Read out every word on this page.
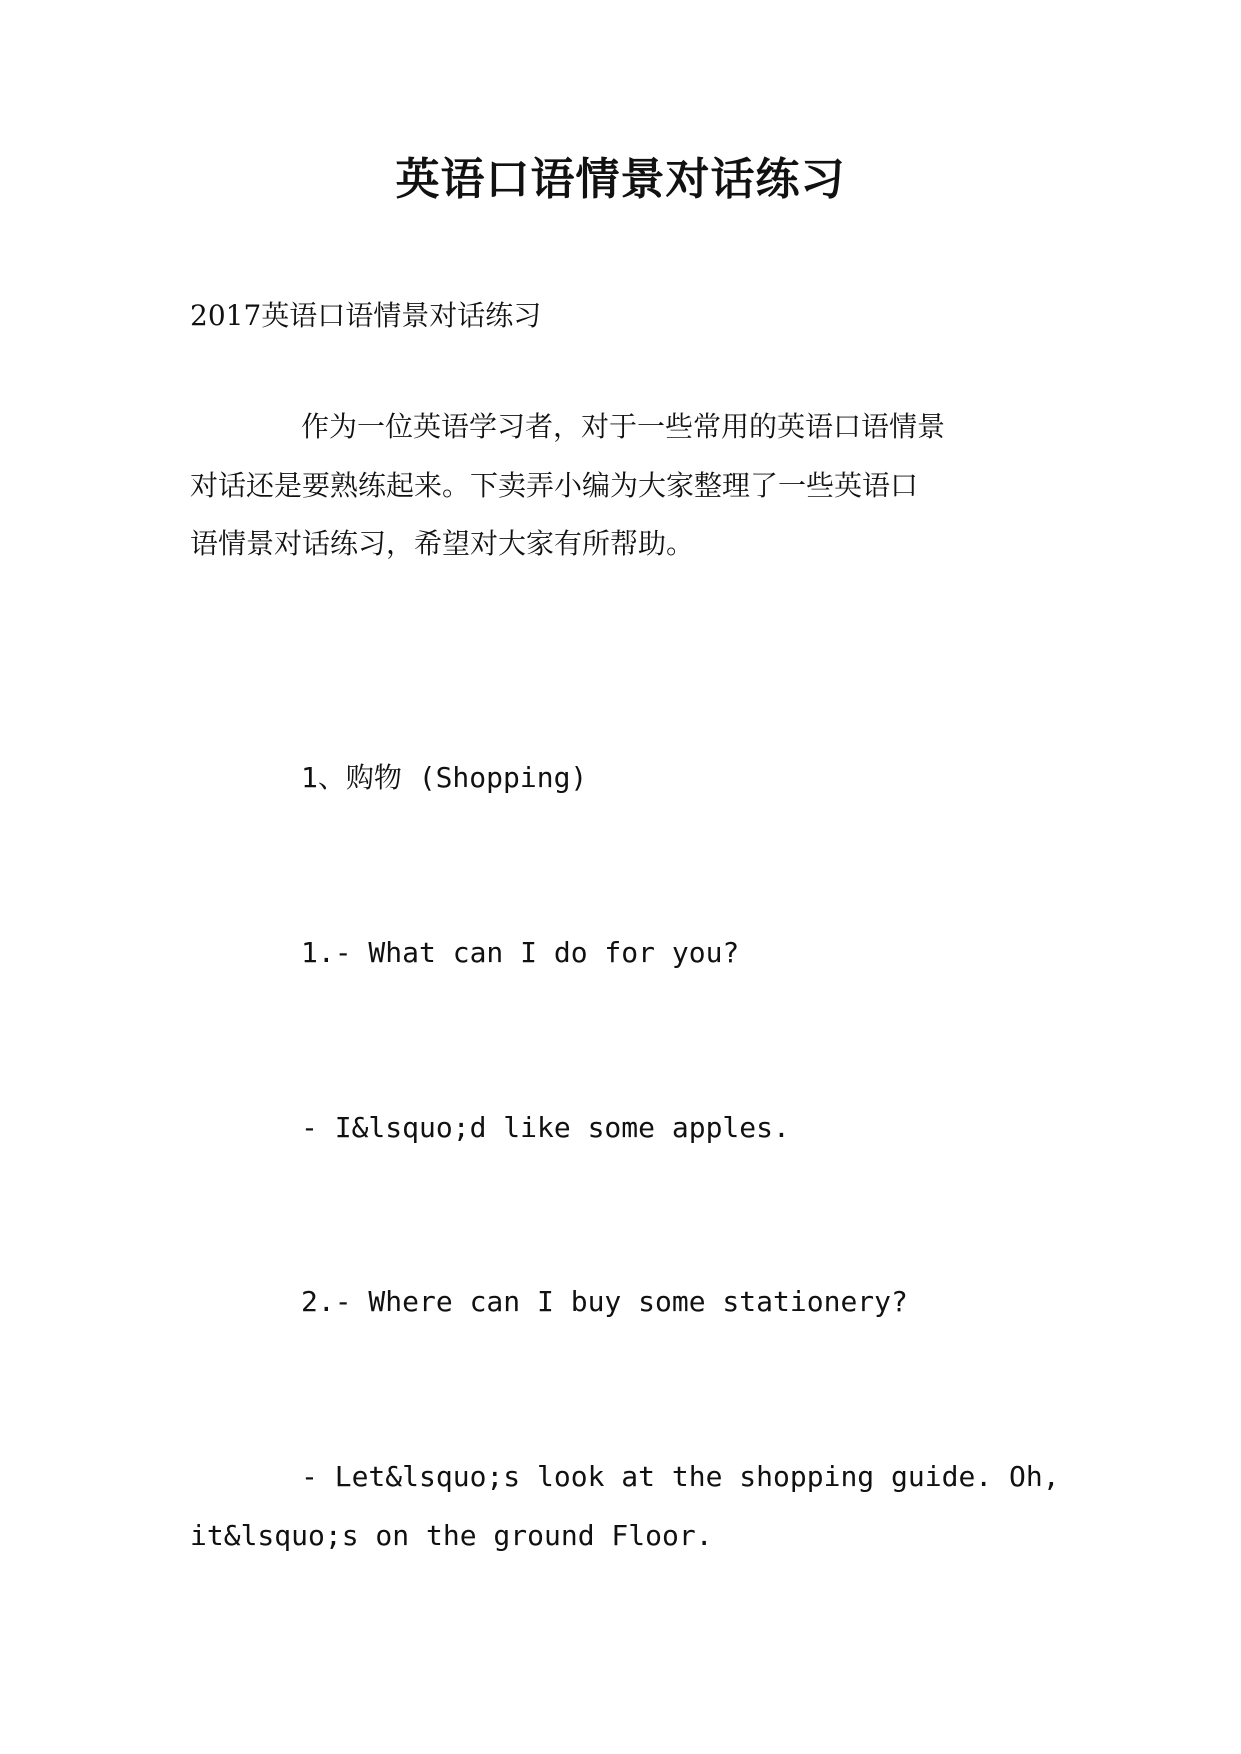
英语口语情景对话练习
2017英语口语情景对话练习
作为一位英语学习者，对于一些常用的英语口语情景
对话还是要熟练起来。下卖弄小编为大家整理了一些英语口
语情景对话练习，希望对大家有所帮助。
1、购物 (Shopping)
1.- What can I do for you?
- I&lsquo;d like some apples.
2.- Where can I buy some stationery?
- Let&lsquo;s look at the shopping guide. Oh,
it&lsquo;s on the ground Floor.
